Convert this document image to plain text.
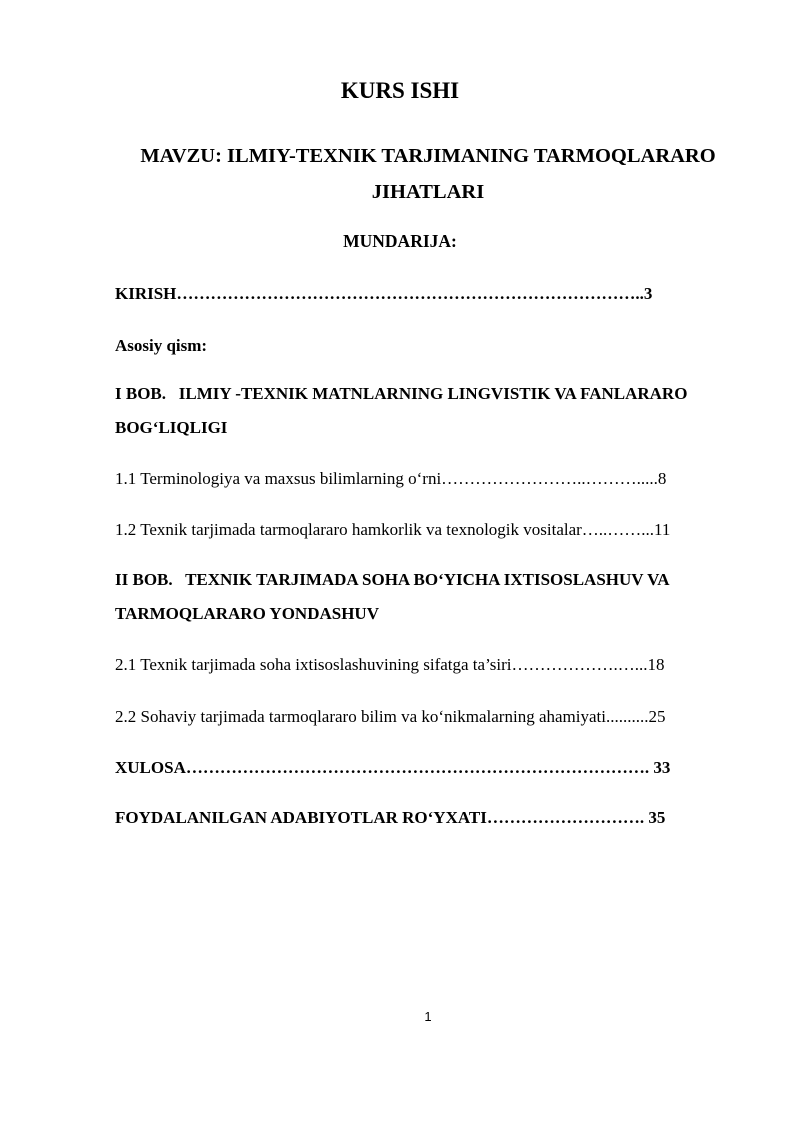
KURS ISHI

MAVZU: ILMIY-TEXNIK TARJIMANING TARMOQLARARO JIHATLARI

MUNDARIJA:

KIRISH………………………………………………………………………..3

Asosiy qism:

I BOB.   ILMIY -TEXNIK MATNLARNING LINGVISTIK VA FANLARARO BOG‘LIQLIGI

1.1 Terminologiya va maxsus bilimlarning o‘rni……………………..……….....8

1.2 Texnik tarjimada tarmoqlararo hamkorlik va texnologik vositalar…..……...11

II BOB.   TEXNIK TARJIMADA SOHA BO‘YICHA IXTISOSLASHUV VA TARMOQLARARO YONDASHUV

2.1 Texnik tarjimada soha ixtisoslashuvining sifatga ta’siri……………….…...18

2.2 Sohaviy tarjimada tarmoqlararo bilim va ko‘nikmalarning ahamiyati..........25

XULOSA………………………………………………………………………. 33

FOYDALANILGAN ADABIYOTLAR RO‘YXATI………………………. 35

1
